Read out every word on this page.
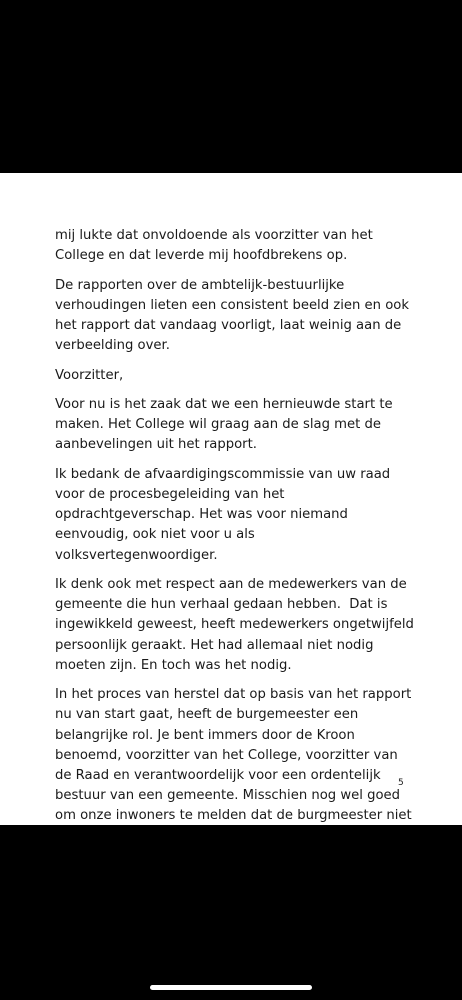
mij lukte dat onvoldoende als voorzitter van het College en dat leverde mij hoofdbrekens op.

De rapporten over de ambtelijk-bestuurlijke verhoudingen lieten een consistent beeld zien en ook het rapport dat vandaag voorligt, laat weinig aan de verbeelding over.

Voorzitter,

Voor nu is het zaak dat we een hernieuwde start te maken. Het College wil graag aan de slag met de aanbevelingen uit het rapport.

Ik bedank de afvaardigingscommissie van uw raad voor de procesbegeleiding van het opdrachtgeverschap. Het was voor niemand eenvoudig, ook niet voor u als volksvertegenwoordiger.

Ik denk ook met respect aan de medewerkers van de gemeente die hun verhaal gedaan hebben.  Dat is ingewikkeld geweest, heeft medewerkers ongetwijfeld persoonlijk geraakt. Het had allemaal niet nodig moeten zijn. En toch was het nodig.

In het proces van herstel dat op basis van het rapport nu van start gaat, heeft de burgemeester een belangrijke rol. Je bent immers door de Kroon benoemd, voorzitter van het College, voorzitter van de Raad en verantwoordelijk voor een ordentelijk bestuur van een gemeente. Misschien nog wel goed  om onze inwoners te melden dat de burgmeester niet

5
